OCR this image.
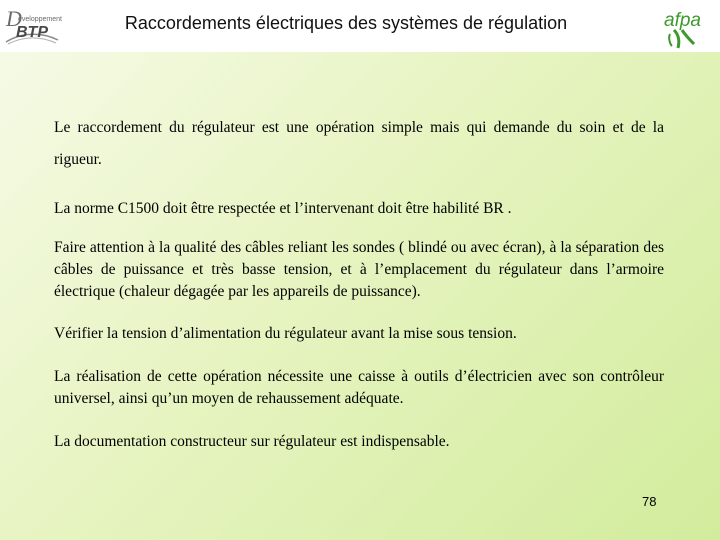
D
éveloppement
BTP	Raccordements électriques des systèmes de régulation	afpa

Le raccordement du régulateur est une opération simple mais qui demande du soin et de la rigueur.

La norme C1500 doit être respectée et l’intervenant doit être habilité BR .

Faire attention à la qualité des câbles reliant les sondes ( blindé ou avec écran), à la séparation des câbles de puissance et très basse tension, et à l’emplacement du régulateur dans l’armoire électrique (chaleur dégagée par les appareils de puissance).

Vérifier la tension d’alimentation du régulateur avant la mise sous tension.

La réalisation de cette opération nécessite une caisse à outils d’électricien avec son contrôleur universel, ainsi qu’un moyen de rehaussement adéquate.

La documentation constructeur sur régulateur est indispensable.

78
